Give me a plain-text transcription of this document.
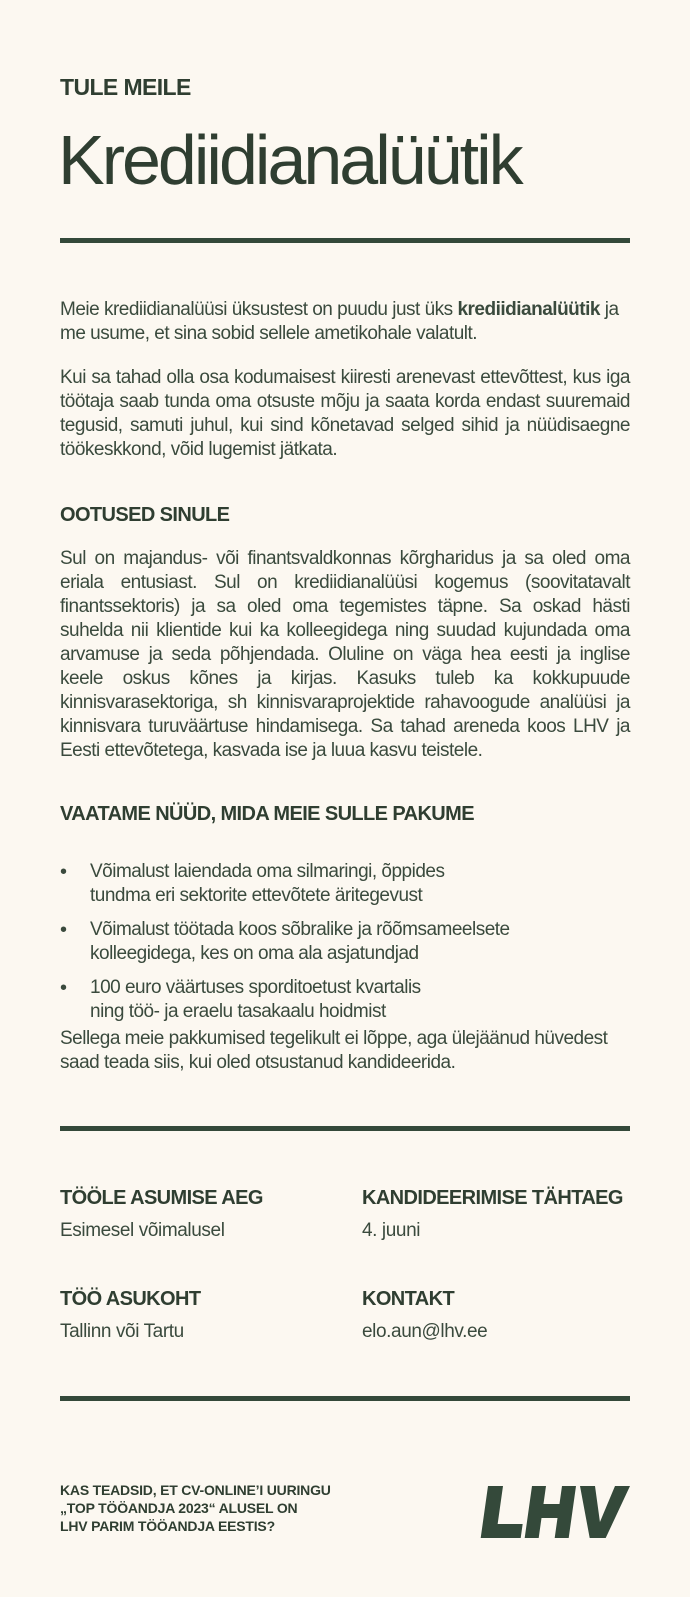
TULE MEILE
Krediidianalüütik

Meie krediidianalüüsi üksustest on puudu just üks krediidianalüütik ja me usume, et sina sobid sellele ametikohale valatult.

Kui sa tahad olla osa kodumaisest kiiresti arenevast ettevõttest, kus iga töötaja saab tunda oma otsuste mõju ja saata korda endast suuremaid tegusid, samuti juhul, kui sind kõnetavad selged sihid ja nüüdisaegne töökeskkond, võid lugemist jätkata.

OOTUSED SINULE

Sul on majandus- või finantsvaldkonnas kõrgharidus ja sa oled oma eriala entusiast. Sul on krediidianalüüsi kogemus (soovitatavalt finantssektoris) ja sa oled oma tegemistes täpne. Sa oskad hästi suhelda nii klientide kui ka kolleegidega ning suudad kujundada oma arvamuse ja seda põhjendada. Oluline on väga hea eesti ja inglise keele oskus kõnes ja kirjas. Kasuks tuleb ka kokkupuude kinnisvarasektoriga, sh kinnisvaraprojektide rahavoogude analüüsi ja kinnisvara turuväärtuse hindamisega. Sa tahad areneda koos LHV ja Eesti ettevõtetega, kasvada ise ja luua kasvu teistele.

VAATAME NÜÜD, MIDA MEIE SULLE PAKUME
• Võimalust laiendada oma silmaringi, õppides
tundma eri sektorite ettevõtete äritegevust
• Võimalust töötada koos sõbralike ja rõõmsameelsete
kolleegidega, kes on oma ala asjatundjad
• 100 euro väärtuses sporditoetust kvartalis
ning töö- ja eraelu tasakaalu hoidmist

Sellega meie pakkumised tegelikult ei lõppe, aga ülejäänud hüvedest saad teada siis, kui oled otsustanud kandideerida.

TÖÖLE ASUMISE AEG
Esimesel võimalusel
KANDIDEERIMISE TÄHTAEG
4. juuni
TÖÖ ASUKOHT
Tallinn või Tartu
KONTAKT
elo.aun@lhv.ee

KAS TEADSID, ET CV-ONLINE’I UURINGU
„TOP TÖÖANDJA 2023“ ALUSEL ON
LHV PARIM TÖÖANDJA EESTIS?
